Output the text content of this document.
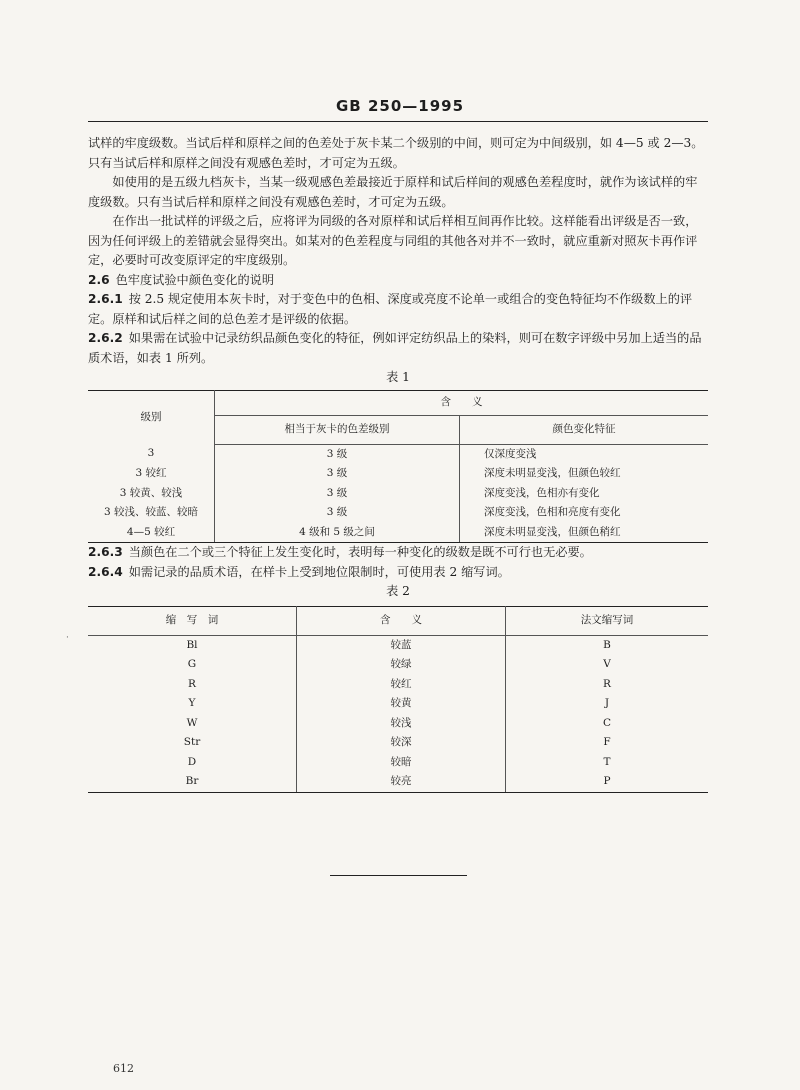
GB 250—1995

试样的牢度级数。当试后样和原样之间的色差处于灰卡某二个级别的中间，则可定为中间级别，如 4—5 或 2—3。只有当试后样和原样之间没有观感色差时，才可定为五级。

如使用的是五级九档灰卡，当某一级观感色差最接近于原样和试后样间的观感色差程度时，就作为该试样的牢度级数。只有当试后样和原样之间没有观感色差时，才可定为五级。

在作出一批试样的评级之后，应将评为同级的各对原样和试后样相互间再作比较。这样能看出评级是否一致，因为任何评级上的差错就会显得突出。如某对的色差程度与同组的其他各对并不一致时，就应重新对照灰卡再作评定，必要时可改变原评定的牢度级别。

2.6 色牢度试验中颜色变化的说明

2.6.1 按 2.5 规定使用本灰卡时，对于变色中的色相、深度或亮度不论单一或组合的变色特征均不作级数上的评定。原样和试后样之间的总色差才是评级的依据。

2.6.2 如果需在试验中记录纺织品颜色变化的特征，例如评定纺织品上的染料，则可在数字评级中另加上适当的品质术语，如表 1 所列。

表 1

级别	含　　义	
	相当于灰卡的色差级别	颜色变化特征
3	3 级	仅深度变浅
3 较红	3 级	深度未明显变浅，但颜色较红
3 较黄、较浅	3 级	深度变浅，色相亦有变化
3 较浅、较蓝、较暗	3 级	深度变浅，色相和亮度有变化
4—5 较红	4 级和 5 级之间	深度未明显变浅，但颜色稍红

2.6.3 当颜色在二个或三个特征上发生变化时，表明每一种变化的级数是既不可行也无必要。

2.6.4 如需记录的品质术语，在样卡上受到地位限制时，可使用表 2 缩写词。

表 2

缩　写　词	含　　义	法文缩写词
Bl	较蓝	B
G	较绿	V
R	较红	R
Y	较黄	J
W	较浅	C
Str	较深	F
D	较暗	T
Br	较亮	P
·
612
